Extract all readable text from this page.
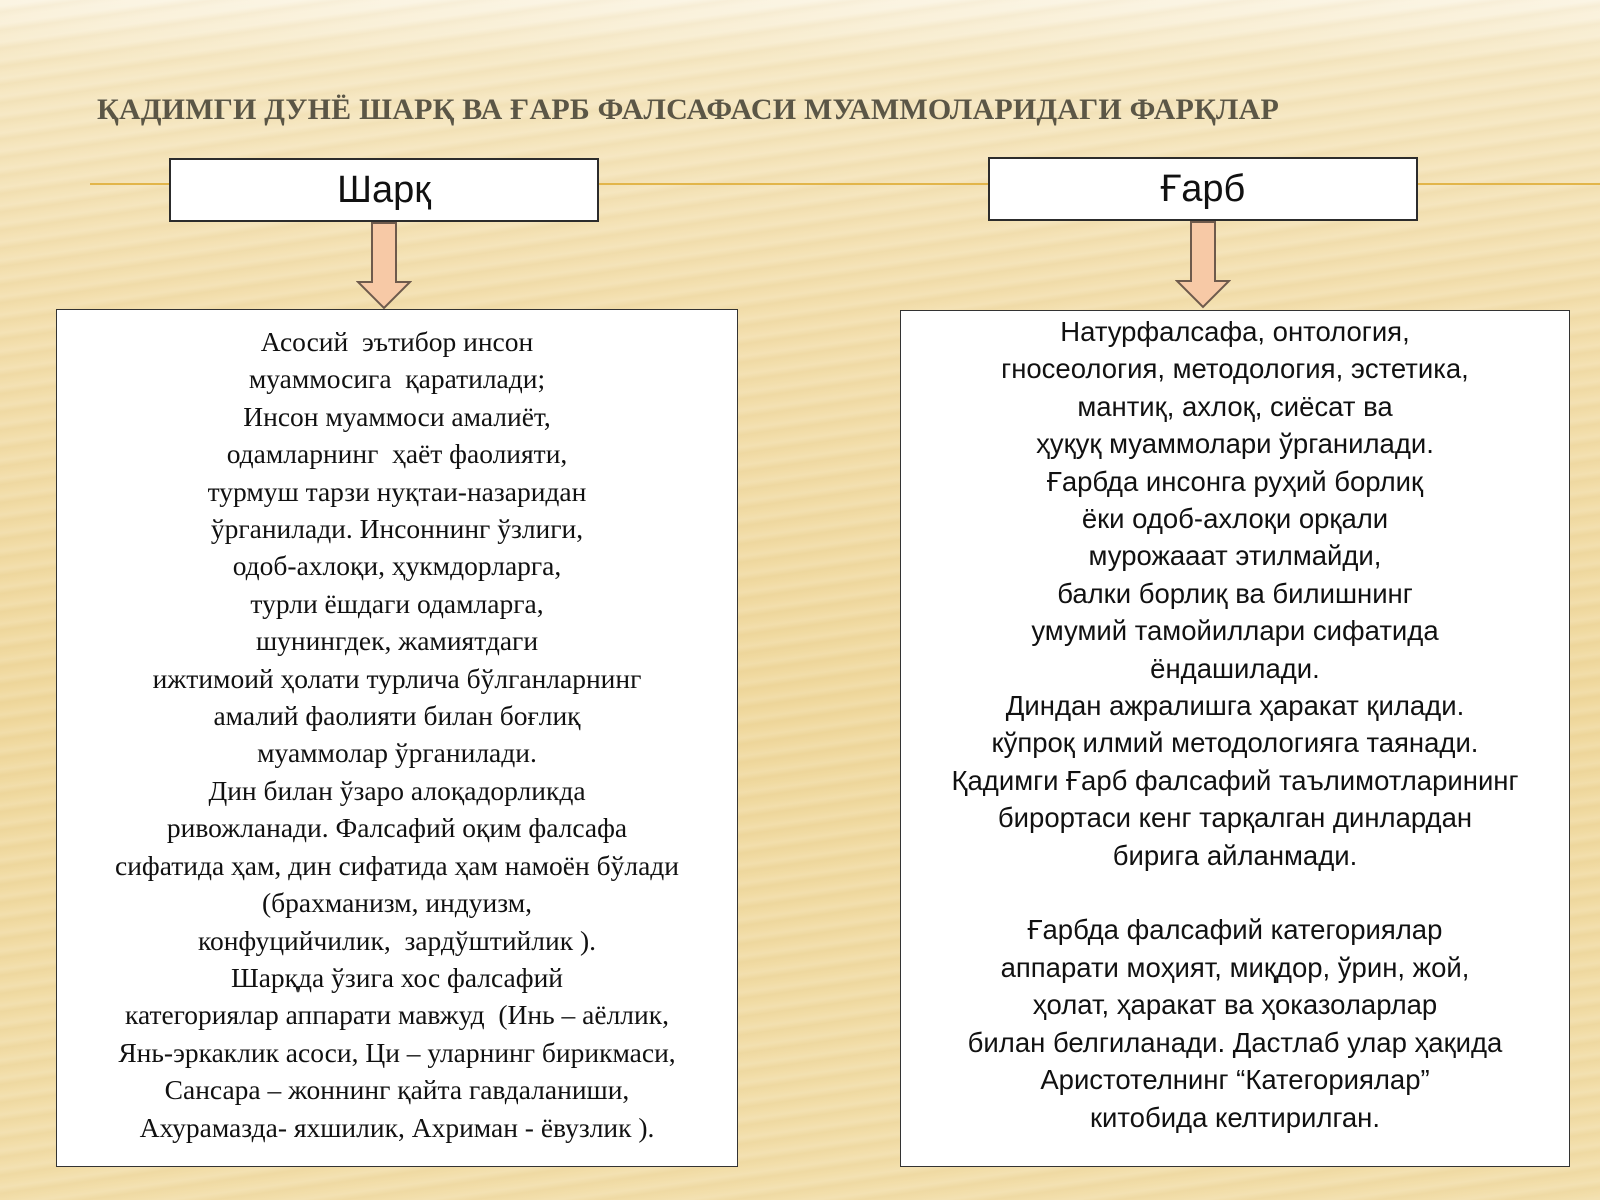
ҚАДИМГИ ДУНЁ ШАРҚ ВА ҒАРБ ФАЛСАФАСИ МУАММОЛАРИДАГИ ФАРҚЛАР
Шарқ	Ғарб
Асосий  эътибор инсон
муаммосига  қаратилади;
Инсон муаммоси амалиёт,
одамларнинг  ҳаёт фаолияти,
турмуш тарзи нуқтаи-назаридан
ўрганилади. Инсоннинг ўзлиги,
одоб-ахлоқи, ҳукмдорларга,
турли ёшдаги одамларга,
шунингдек, жамиятдаги
ижтимоий ҳолати турлича бўлганларнинг
амалий фаолияти билан боғлиқ
муаммолар ўрганилади.
Дин билан ўзаро алоқадорликда
ривожланади. Фалсафий оқим фалсафа
сифатида ҳам, дин сифатида ҳам намоён бўлади
(брахманизм, индуизм,
конфуцийчилик,  зардўштийлик ).
Шарқда ўзига хос фалсафий
категориялар аппарати мавжуд  (Инь – аёллик,
Янь-эркаклик асоси, Ци – уларнинг бирикмаси,
Сансара – жоннинг қайта гавдаланиши,
Ахурамазда- яхшилик, Ахриман - ёвузлик ).
Натурфалсафа, онтология,
гносеология, методология, эстетика,
мантиқ, ахлоқ, сиёсат ва
ҳуқуқ муаммолари ўрганилади.
Ғарбда инсонга руҳий борлиқ
ёки одоб-ахлоқи орқали
мурожааат этилмайди,
балки борлиқ ва билишнинг
умумий тамойиллари сифатида
ёндашилади.
Диндан ажралишга ҳаракат қилади.
кўпроқ илмий методологияга таянади.
Қадимги Ғарб фалсафий таълимотларининг
бирортаси кенг тарқалган динлардан
бирига айланмади.
Ғарбда фалсафий категориялар
аппарати моҳият, миқдор, ўрин, жой,
ҳолат, ҳаракат ва ҳоказоларлар
билан белгиланади. Дастлаб улар ҳақида
Аристотелнинг “Категориялар”
китобида келтирилган.
